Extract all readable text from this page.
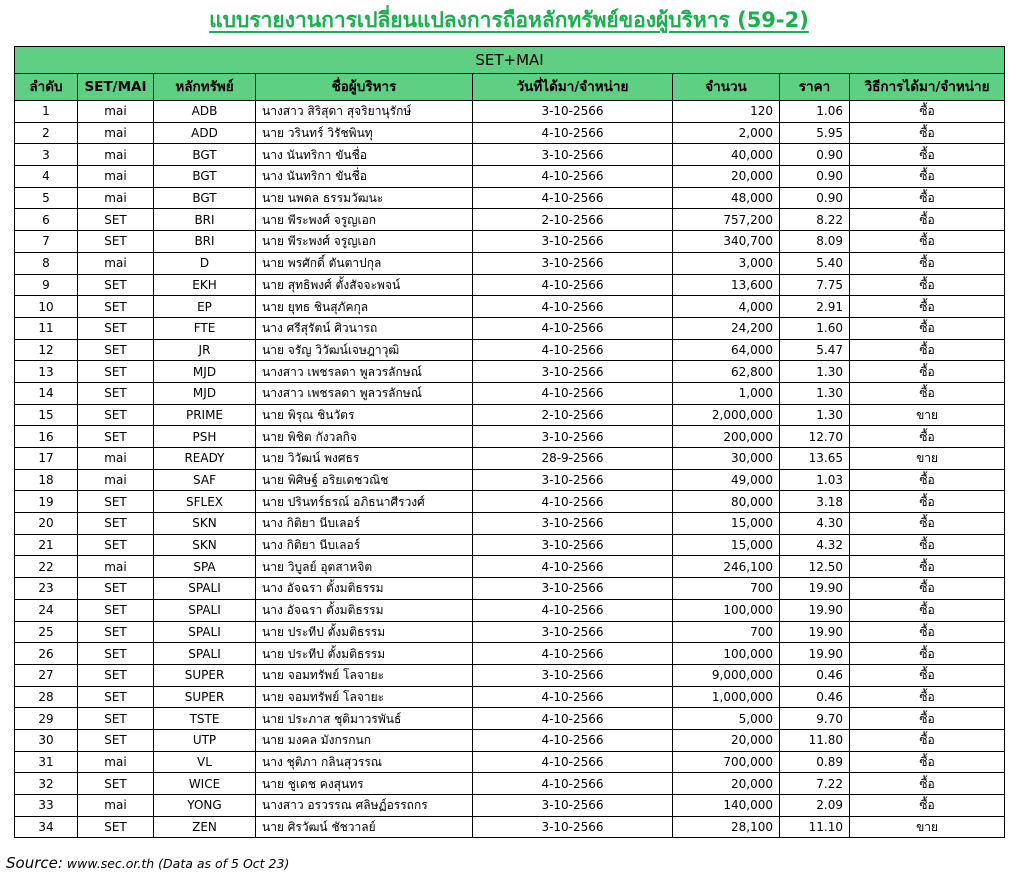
แบบรายงานการเปลี่ยนแปลงการถือหลักทรัพย์ของผู้บริหาร (59-2)
SET+MAI							
ลำดับ	SET/MAI	หลักทรัพย์	ชื่อผู้บริหาร	วันที่ได้มา/จำหน่าย	จำนวน	ราคา	วิธีการได้มา/จำหน่าย
1	mai	ADB	นางสาว สิริสุดา สุจริยานุรักษ์	3-10-2566	120	1.06	ซื้อ
2	mai	ADD	นาย วรินทร์ วิรัชพินทุ	4-10-2566	2,000	5.95	ซื้อ
3	mai	BGT	นาง นันทริกา ขันชื่อ	3-10-2566	40,000	0.90	ซื้อ
4	mai	BGT	นาง นันทริกา ขันชื่อ	4-10-2566	20,000	0.90	ซื้อ
5	mai	BGT	นาย นพดล ธรรมวัฒนะ	4-10-2566	48,000	0.90	ซื้อ
6	SET	BRI	นาย พีระพงศ์ จรูญเอก	2-10-2566	757,200	8.22	ซื้อ
7	SET	BRI	นาย พีระพงศ์ จรูญเอก	3-10-2566	340,700	8.09	ซื้อ
8	mai	D	นาย พรศักดิ์ ตันตาปกุล	3-10-2566	3,000	5.40	ซื้อ
9	SET	EKH	นาย สุทธิพงศ์ ตั้งสัจจะพจน์	4-10-2566	13,600	7.75	ซื้อ
10	SET	EP	นาย ยุทธ ชินสุภัคกุล	4-10-2566	4,000	2.91	ซื้อ
11	SET	FTE	นาง ศรีสุรัตน์ ศิวนารถ	4-10-2566	24,200	1.60	ซื้อ
12	SET	JR	นาย จรัญ วิวัฒน์เจษฎาวุฒิ	4-10-2566	64,000	5.47	ซื้อ
13	SET	MJD	นางสาว เพชรลดา พูลวรลักษณ์	3-10-2566	62,800	1.30	ซื้อ
14	SET	MJD	นางสาว เพชรลดา พูลวรลักษณ์	4-10-2566	1,000	1.30	ซื้อ
15	SET	PRIME	นาย พิรุณ ชินวัตร	2-10-2566	2,000,000	1.30	ขาย
16	SET	PSH	นาย พิชิต กังวลกิจ	3-10-2566	200,000	12.70	ซื้อ
17	mai	READY	นาย วิวัฒน์ พงศธร	28-9-2566	30,000	13.65	ขาย
18	mai	SAF	นาย พิศิษฐ์ อริยเดชวณิช	3-10-2566	49,000	1.03	ซื้อ
19	SET	SFLEX	นาย ปรินทร์ธรณ์ อภิธนาศีรวงศ์	4-10-2566	80,000	3.18	ซื้อ
20	SET	SKN	นาง กิติยา นีบเลอร์	3-10-2566	15,000	4.30	ซื้อ
21	SET	SKN	นาง กิติยา นีบเลอร์	3-10-2566	15,000	4.32	ซื้อ
22	mai	SPA	นาย วิบูลย์ อุตสาหจิต	4-10-2566	246,100	12.50	ซื้อ
23	SET	SPALI	นาง อัจฉรา ตั้งมติธรรม	3-10-2566	700	19.90	ซื้อ
24	SET	SPALI	นาง อัจฉรา ตั้งมติธรรม	4-10-2566	100,000	19.90	ซื้อ
25	SET	SPALI	นาย ประทีป ตั้งมติธรรม	3-10-2566	700	19.90	ซื้อ
26	SET	SPALI	นาย ประทีป ตั้งมติธรรม	4-10-2566	100,000	19.90	ซื้อ
27	SET	SUPER	นาย จอมทรัพย์ โลจายะ	3-10-2566	9,000,000	0.46	ซื้อ
28	SET	SUPER	นาย จอมทรัพย์ โลจายะ	4-10-2566	1,000,000	0.46	ซื้อ
29	SET	TSTE	นาย ประภาส ชุติมาวรพันธ์	4-10-2566	5,000	9.70	ซื้อ
30	SET	UTP	นาย มงคล มังกรกนก	4-10-2566	20,000	11.80	ซื้อ
31	mai	VL	นาง ชุติภา กลินสุวรรณ	4-10-2566	700,000	0.89	ซื้อ
32	SET	WICE	นาย ชูเดช คงสุนทร	4-10-2566	20,000	7.22	ซื้อ
33	mai	YONG	นางสาว อรวรรณ ศลิษฏ์อรรถกร	3-10-2566	140,000	2.09	ซื้อ
34	SET	ZEN	นาย ศิรวัฒน์ ชัชวาลย์	3-10-2566	28,100	11.10	ขาย
Source: www.sec.or.th (Data as of 5 Oct 23)
